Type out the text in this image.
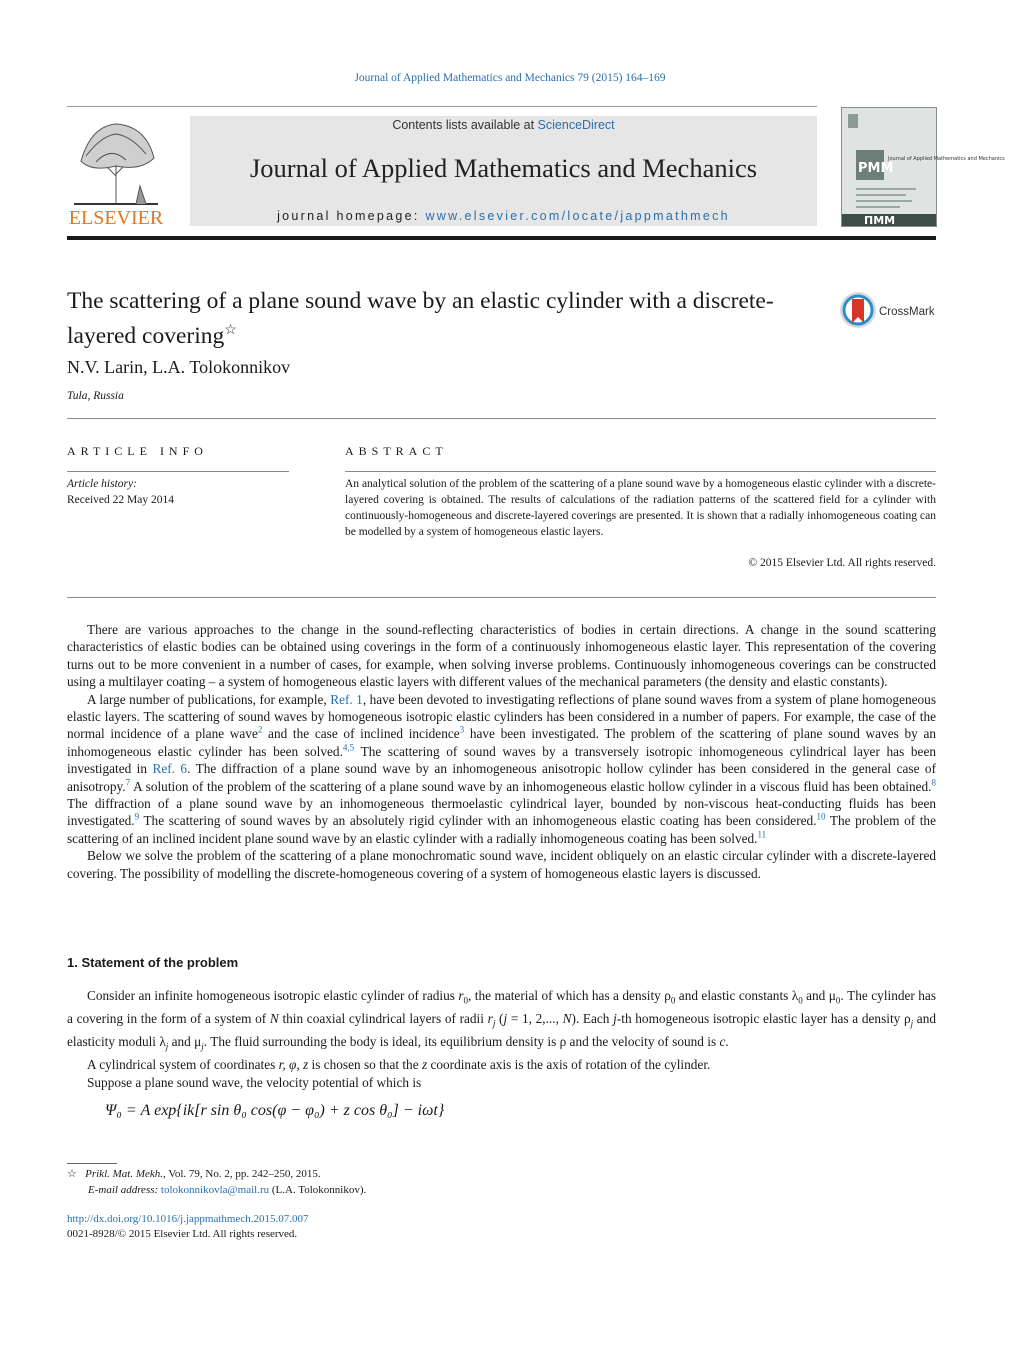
Journal of Applied Mathematics and Mechanics 79 (2015) 164–169
ELSEVIER
Contents lists available at ScienceDirect
Journal of Applied Mathematics and Mechanics
journal homepage: www.elsevier.com/locate/jappmathmech
PMM
Journal of Applied Mathematics and Mechanics
ПММ
The scattering of a plane sound wave by an elastic cylinder with a discrete-layered covering☆
CrossMark
N.V. Larin, L.A. Tolokonnikov
Tula, Russia
ARTICLE INFO
Article history:
Received 22 May 2014
ABSTRACT
An analytical solution of the problem of the scattering of a plane sound wave by a homogeneous elastic cylinder with a discrete-layered covering is obtained. The results of calculations of the radiation patterns of the scattered field for a cylinder with continuously-homogeneous and discrete-layered coverings are presented. It is shown that a radially inhomogeneous coating can be modelled by a system of homogeneous elastic layers.
© 2015 Elsevier Ltd. All rights reserved.

There are various approaches to the change in the sound-reflecting characteristics of bodies in certain directions. A change in the sound scattering characteristics of elastic bodies can be obtained using coverings in the form of a continuously inhomogeneous elastic layer. This representation of the covering turns out to be more convenient in a number of cases, for example, when solving inverse problems. Continuously inhomogeneous coverings can be constructed using a multilayer coating – a system of homogeneous elastic layers with different values of the mechanical parameters (the density and elastic constants).

A large number of publications, for example, Ref. 1, have been devoted to investigating reflections of plane sound waves from a system of plane homogeneous elastic layers. The scattering of sound waves by homogeneous isotropic elastic cylinders has been considered in a number of papers. For example, the case of the normal incidence of a plane wave$^2$ and the case of inclined incidence$^3$ have been investigated. The problem of the scattering of plane sound waves by an inhomogeneous elastic cylinder has been solved.$^{4,5}$ The scattering of sound waves by a transversely isotropic inhomogeneous cylindrical layer has been investigated in Ref. 6. The diffraction of a plane sound wave by an inhomogeneous anisotropic hollow cylinder has been considered in the general case of anisotropy.$^7$ A solution of the problem of the scattering of a plane sound wave by an inhomogeneous elastic hollow cylinder in a viscous fluid has been obtained.$^8$ The diffraction of a plane sound wave by an inhomogeneous thermoelastic cylindrical layer, bounded by non-viscous heat-conducting fluids has been investigated.$^9$ The scattering of sound waves by an absolutely rigid cylinder with an inhomogeneous elastic coating has been considered.$^{10}$ The problem of the scattering of an inclined incident plane sound wave by an elastic cylinder with a radially inhomogeneous coating has been solved.$^{11}$

Below we solve the problem of the scattering of a plane monochromatic sound wave, incident obliquely on an elastic circular cylinder with a discrete-layered covering. The possibility of modelling the discrete-homogeneous covering of a system of homogeneous elastic layers is discussed.

1. Statement of the problem

Consider an infinite homogeneous isotropic elastic cylinder of radius $r_0$, the material of which has a density $\rho_0$ and elastic constants $\lambda_0$ and $\mu_0$. The cylinder has a covering in the form of a system of N thin coaxial cylindrical layers of radii $r_j$ (j = 1, 2,..., N). Each j-th homogeneous isotropic elastic layer has a density $\rho_j$ and elasticity moduli $\lambda_j$ and $\mu_j$. The fluid surrounding the body is ideal, its equilibrium density is ρ and the velocity of sound is c.

A cylindrical system of coordinates r, φ, z is chosen so that the z coordinate axis is the axis of rotation of the cylinder.

Suppose a plane sound wave, the velocity potential of which is

Ψ₀ = A exp{ik[r sin θ₀ cos(φ − φ₀) + z cos θ₀] − iωt}
☆ Prikl. Mat. Mekh., Vol. 79, No. 2, pp. 242–250, 2015.
E-mail address: tolokonnikovla@mail.ru (L.A. Tolokonnikov).
http://dx.doi.org/10.1016/j.jappmathmech.2015.07.007
0021-8928/© 2015 Elsevier Ltd. All rights reserved.
